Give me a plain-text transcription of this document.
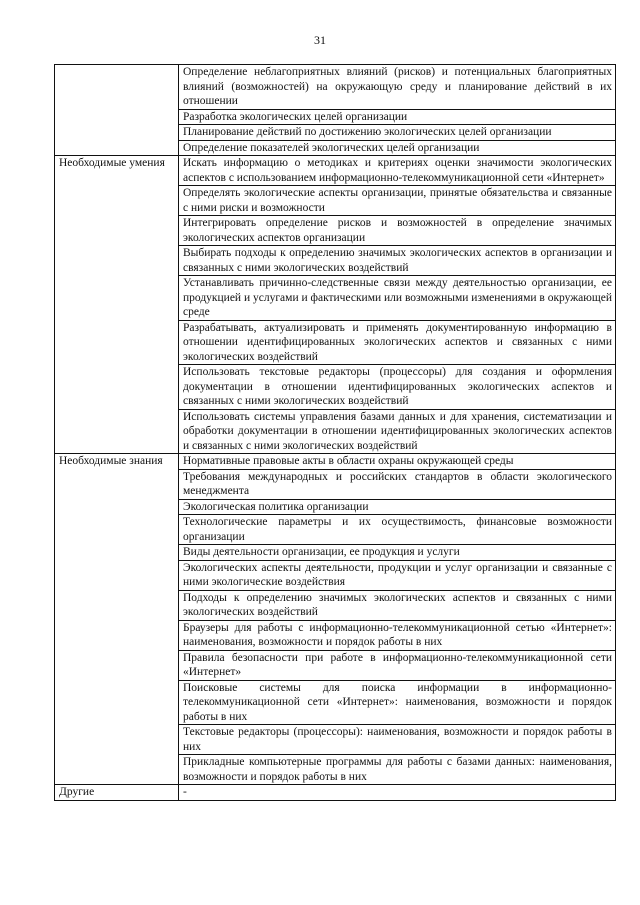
31
	Определение неблагоприятных влияний (рисков) и потенциальных благоприятных влияний (возможностей) на окружающую среду и планирование действий в их отношении
	Разработка экологических целей организации
	Планирование действий по достижению экологических целей организации
	Определение показателей экологических целей организации
Необходимые умения	Искать информацию о методиках и критериях оценки значимости экологических аспектов с использованием информационно-телекоммуникационной сети «Интернет»
	Определять экологические аспекты организации, принятые обязательства и связанные с ними риски и возможности
	Интегрировать определение рисков и возможностей в определение значимых экологических аспектов организации
	Выбирать подходы к определению значимых экологических аспектов в организации и связанных с ними экологических воздействий
	Устанавливать причинно-следственные связи между деятельностью организации, ее продукцией и услугами и фактическими или возможными изменениями в окружающей среде
	Разрабатывать, актуализировать и применять документированную информацию в отношении идентифицированных экологических аспектов и связанных с ними экологических воздействий
	Использовать текстовые редакторы (процессоры) для создания и оформления документации в отношении идентифицированных экологических аспектов и связанных с ними экологических воздействий
	Использовать системы управления базами данных и для хранения, систематизации и обработки документации в отношении идентифицированных экологических аспектов и связанных с ними экологических воздействий
Необходимые знания	Нормативные правовые акты в области охраны окружающей среды
	Требования международных и российских стандартов в области экологического менеджмента
	Экологическая политика организации
	Технологические параметры и их осуществимость, финансовые возможности организации
	Виды деятельности организации, ее продукция и услуги
	Экологических аспекты деятельности, продукции и услуг организации и связанные с ними экологические воздействия
	Подходы к определению значимых экологических аспектов и связанных с ними экологических воздействий
	Браузеры для работы с информационно-телекоммуникационной сетью «Интернет»: наименования, возможности и порядок работы в них
	Правила безопасности при работе в информационно-телекоммуникационной сети «Интернет»
	Поисковые системы для поиска информации в информационно-телекоммуникационной сети «Интернет»: наименования, возможности и порядок работы в них
	Текстовые редакторы (процессоры): наименования, возможности и порядок работы в них
	Прикладные компьютерные программы для работы с базами данных: наименования, возможности и порядок работы в них
Другие	-
